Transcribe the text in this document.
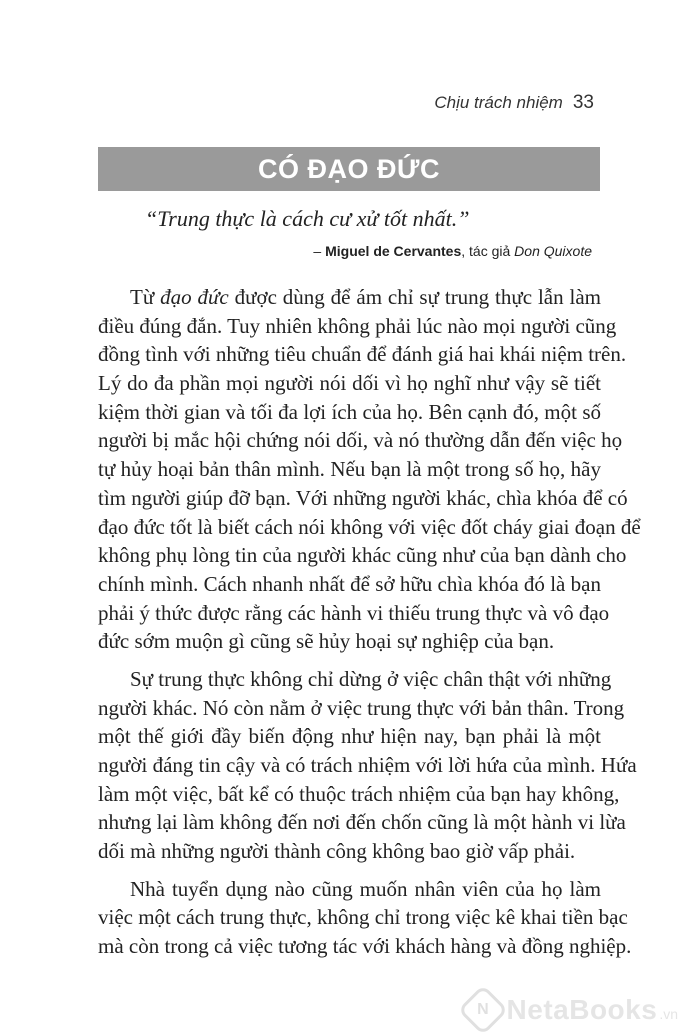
Chịu trách nhiệm 33
CÓ ĐẠO ĐỨC
“Trung thực là cách cư xử tốt nhất.”
– Miguel de Cervantes, tác giả Don Quixote
Từ đạo đức được dùng để ám chỉ sự trung thực lẫn làm
điều đúng đắn. Tuy nhiên không phải lúc nào mọi người cũng
đồng tình với những tiêu chuẩn để đánh giá hai khái niệm trên.
Lý do đa phần mọi người nói dối vì họ nghĩ như vậy sẽ tiết
kiệm thời gian và tối đa lợi ích của họ. Bên cạnh đó, một số
người bị mắc hội chứng nói dối, và nó thường dẫn đến việc họ
tự hủy hoại bản thân mình. Nếu bạn là một trong số họ, hãy
tìm người giúp đỡ bạn. Với những người khác, chìa khóa để có
đạo đức tốt là biết cách nói không với việc đốt cháy giai đoạn để
không phụ lòng tin của người khác cũng như của bạn dành cho
chính mình. Cách nhanh nhất để sở hữu chìa khóa đó là bạn
phải ý thức được rằng các hành vi thiếu trung thực và vô đạo
đức sớm muộn gì cũng sẽ hủy hoại sự nghiệp của bạn.
Sự trung thực không chỉ dừng ở việc chân thật với những
người khác. Nó còn nằm ở việc trung thực với bản thân. Trong
một thế giới đầy biến động như hiện nay, bạn phải là một
người đáng tin cậy và có trách nhiệm với lời hứa của mình. Hứa
làm một việc, bất kể có thuộc trách nhiệm của bạn hay không,
nhưng lại làm không đến nơi đến chốn cũng là một hành vi lừa
dối mà những người thành công không bao giờ vấp phải.
Nhà tuyển dụng nào cũng muốn nhân viên của họ làm
việc một cách trung thực, không chỉ trong việc kê khai tiền bạc
mà còn trong cả việc tương tác với khách hàng và đồng nghiệp.
N NetaBooks .vn
